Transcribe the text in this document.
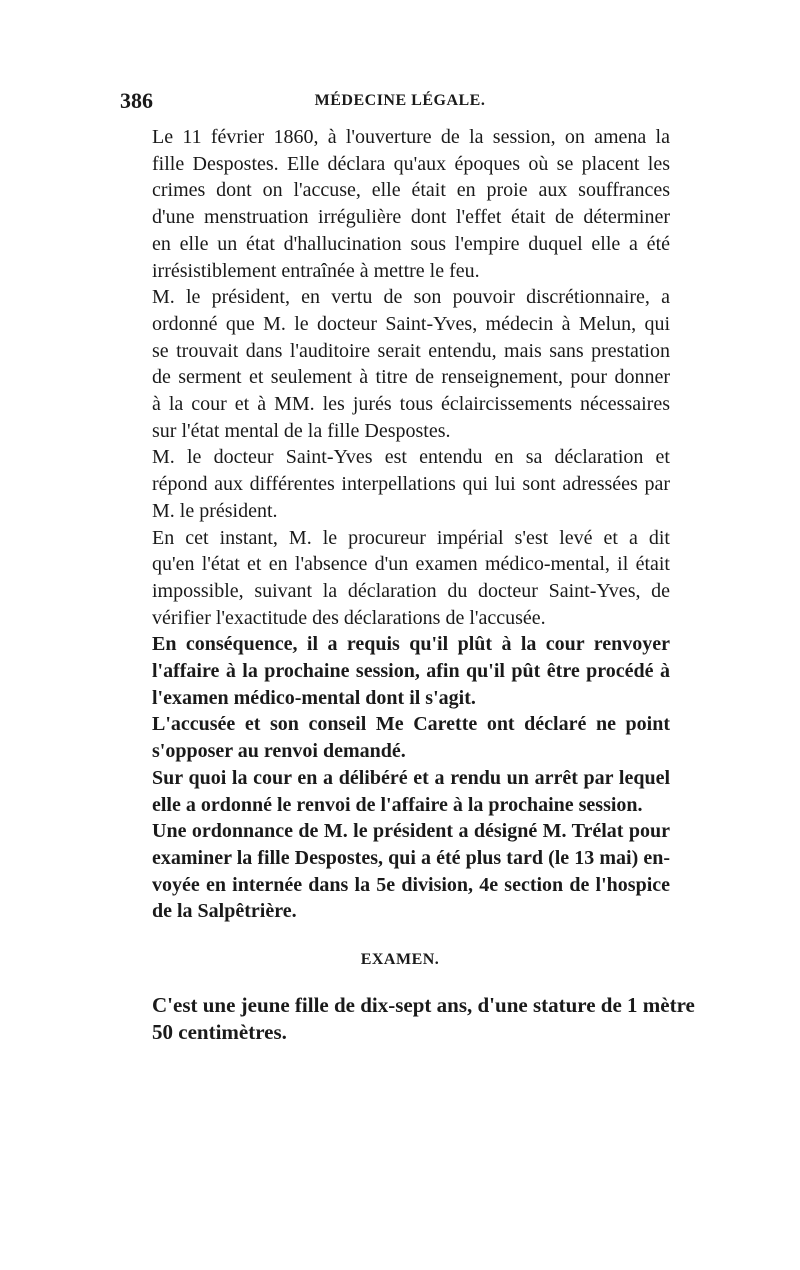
386	MÉDECINE LÉGALE.

Le 11 février 1860, à l'ouverture de la session, on amena la
fille Despostes. Elle déclara qu'aux époques où se placent les
crimes dont on l'accuse, elle était en proie aux souffrances
d'une menstruation irrégulière dont l'effet était de déterminer
en elle un état d'hallucination sous l'empire duquel elle a été
irrésistiblement entraînée à mettre le feu.

M. le président, en vertu de son pouvoir discrétionnaire, a
ordonné que M. le docteur Saint-Yves, médecin à Melun, qui
se trouvait dans l'auditoire serait entendu, mais sans prestation
de serment et seulement à titre de renseignement, pour donner
à la cour et à MM. les jurés tous éclaircissements nécessaires
sur l'état mental de la fille Despostes.

M. le docteur Saint-Yves est entendu en sa déclaration et
répond aux différentes interpellations qui lui sont adressées par
M. le président.

En cet instant, M. le procureur impérial s'est levé et a dit
qu'en l'état et en l'absence d'un examen médico-mental, il était
impossible, suivant la déclaration du docteur Saint-Yves, de
vérifier l'exactitude des déclarations de l'accusée.

En conséquence, il a requis qu'il plût à la cour renvoyer
l'affaire à la prochaine session, afin qu'il pût être procédé à
l'examen médico-mental dont il s'agit.

L'accusée et son conseil Me Carette ont déclaré ne point
s'opposer au renvoi demandé.

Sur quoi la cour en a délibéré et a rendu un arrêt par lequel
elle a ordonné le renvoi de l'affaire à la prochaine session.

Une ordonnance de M. le président a désigné M. Trélat pour
examiner la fille Despostes, qui a été plus tard (le 13 mai) en-
voyée en internée dans la 5e division, 4e section de l'hospice
de la Salpêtrière.

EXAMEN.

C'est une jeune fille de dix-sept ans, d'une stature de 1 mètre
50 centimètres.
